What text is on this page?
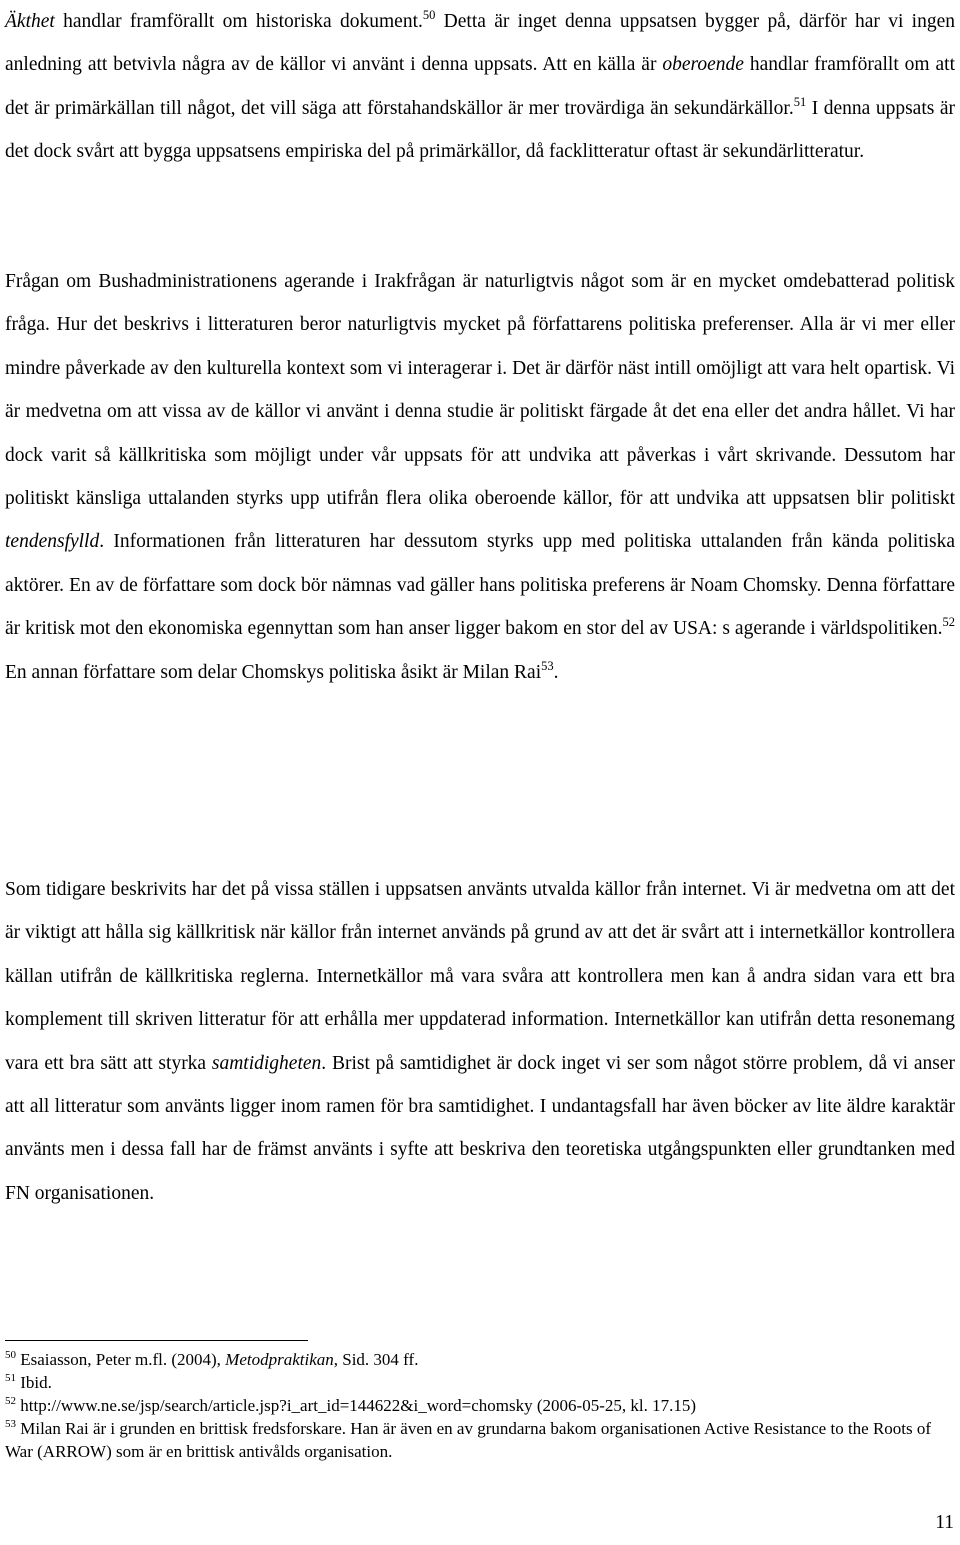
Äkthet handlar framförallt om historiska dokument.$^{50}$ Detta är inget denna uppsatsen bygger på, därför har vi ingen anledning att betvivla några av de källor vi använt i denna uppsats. Att en källa är oberoende handlar framförallt om att det är primärkällan till något, det vill säga att förstahandskällor är mer trovärdiga än sekundärkällor.$^{51}$ I denna uppsats är det dock svårt att bygga uppsatsens empiriska del på primärkällor, då facklitteratur oftast är sekundärlitteratur.

Frågan om Bushadministrationens agerande i Irakfrågan är naturligtvis något som är en mycket omdebatterad politisk fråga. Hur det beskrivs i litteraturen beror naturligtvis mycket på författarens politiska preferenser. Alla är vi mer eller mindre påverkade av den kulturella kontext som vi interagerar i. Det är därför näst intill omöjligt att vara helt opartisk. Vi är medvetna om att vissa av de källor vi använt i denna studie är politiskt färgade åt det ena eller det andra hållet. Vi har dock varit så källkritiska som möjligt under vår uppsats för att undvika att påverkas i vårt skrivande. Dessutom har politiskt känsliga uttalanden styrks upp utifrån flera olika oberoende källor, för att undvika att uppsatsen blir politiskt tendensfylld. Informationen från litteraturen har dessutom styrks upp med politiska uttalanden från kända politiska aktörer. En av de författare som dock bör nämnas vad gäller hans politiska preferens är Noam Chomsky. Denna författare är kritisk mot den ekonomiska egennyttan som han anser ligger bakom en stor del av USA: s agerande i världspolitiken.$^{52}$ En annan författare som delar Chomskys politiska åsikt är Milan Rai$^{53}$.

Som tidigare beskrivits har det på vissa ställen i uppsatsen använts utvalda källor från internet. Vi är medvetna om att det är viktigt att hålla sig källkritisk när källor från internet används på grund av att det är svårt att i internetkällor kontrollera källan utifrån de källkritiska reglerna. Internetkällor må vara svåra att kontrollera men kan å andra sidan vara ett bra komplement till skriven litteratur för att erhålla mer uppdaterad information. Internetkällor kan utifrån detta resonemang vara ett bra sätt att styrka samtidigheten. Brist på samtidighet är dock inget vi ser som något större problem, då vi anser att all litteratur som använts ligger inom ramen för bra samtidighet. I undantagsfall har även böcker av lite äldre karaktär använts men i dessa fall har de främst använts i syfte att beskriva den teoretiska utgångspunkten eller grundtanken med FN organisationen.

$^{50}$ Esaiasson, Peter m.fl. (2004), Metodpraktikan, Sid. 304 ff.

$^{51}$ Ibid.

$^{52}$ http://www.ne.se/jsp/search/article.jsp?i_art_id=144622&i_word=chomsky (2006-05-25, kl. 17.15)

$^{53}$ Milan Rai är i grunden en brittisk fredsforskare. Han är även en av grundarna bakom organisationen Active Resistance to the Roots of War (ARROW) som är en brittisk antivålds organisation.

11
